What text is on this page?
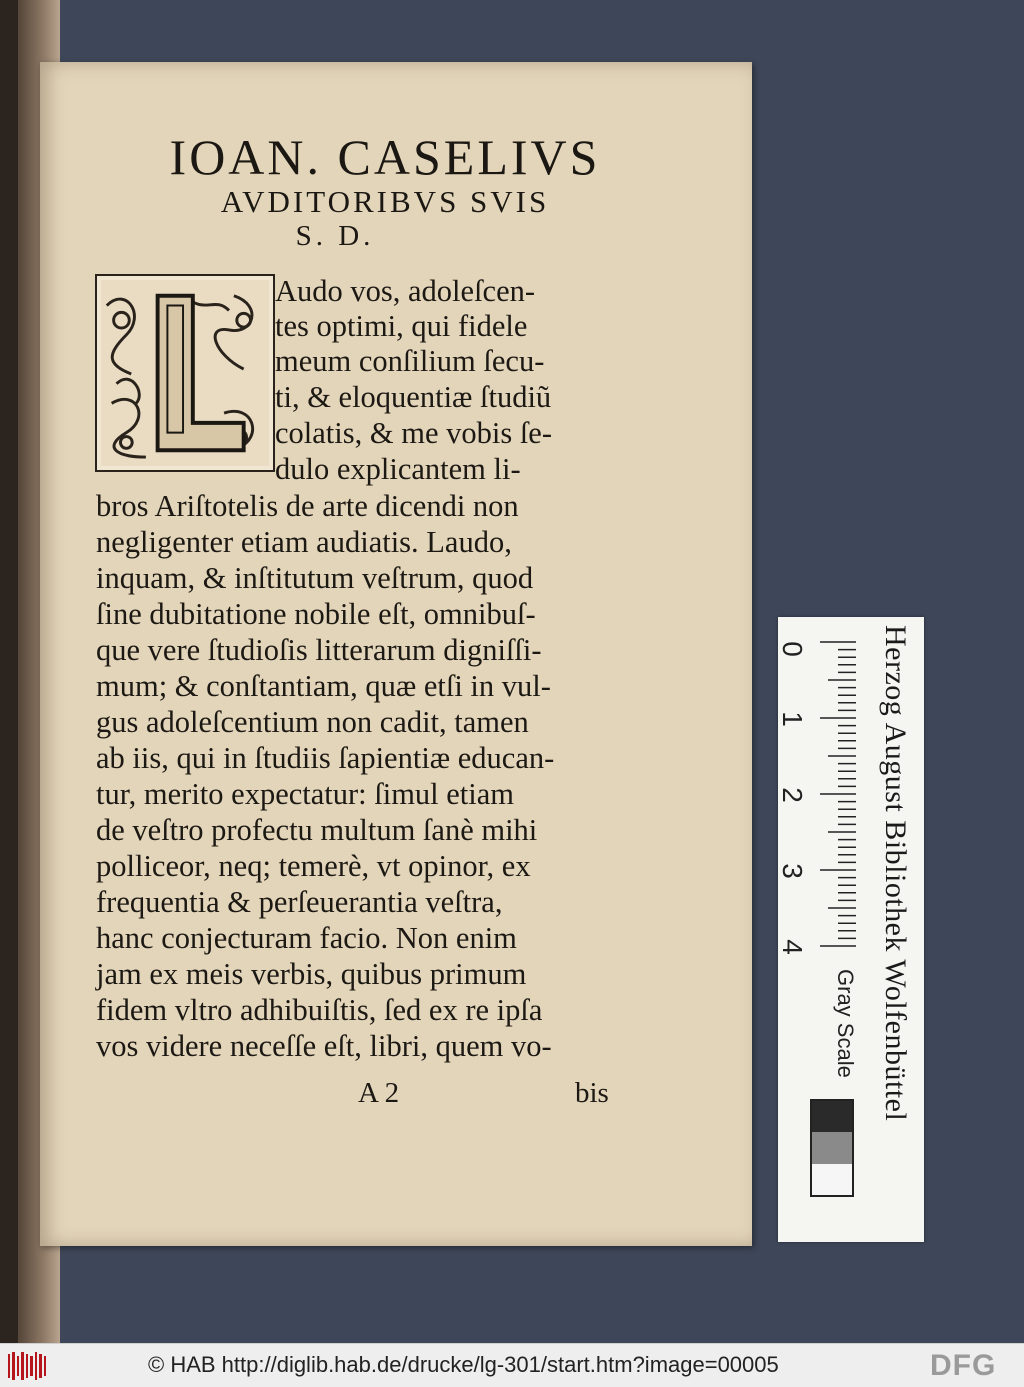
IOAN. CASELIVS
AVDITORIBVS SVIS
S. D.
Audo vos, adoleſcen-
tes optimi, qui fidele
meum conſilium ſecu-
ti, & eloquentiæ ſtudiũ
colatis, & me vobis ſe-
dulo explicantem li-
bros Ariſtotelis de arte dicendi non
negligenter etiam audiatis. Laudo,
inquam, & inſtitutum veſtrum, quod
ſine dubitatione nobile eſt, omnibuſ-
que vere ſtudioſis litterarum digniſſi-
mum; & conſtantiam, quæ etſi in vul-
gus adoleſcentium non cadit, tamen
ab iis, qui in ſtudiis ſapientiæ educan-
tur, merito expectatur: ſimul etiam
de veſtro profectu multum ſanè mihi
polliceor, neq; temerè, vt opinor, ex
frequentia & perſeuerantia veſtra,
hanc conjecturam facio. Non enim
jam ex meis verbis, quibus primum
fidem vltro adhibuiſtis, ſed ex re ipſa
vos videre neceſſe eſt, libri, quem vo-
A 2	bis
0
1
2
3
4 Herzog August Bibliothek Wolfenbüttel
Gray Scale
© HAB http://diglib.hab.de/drucke/lg-301/start.htm?image=00005	DFG
